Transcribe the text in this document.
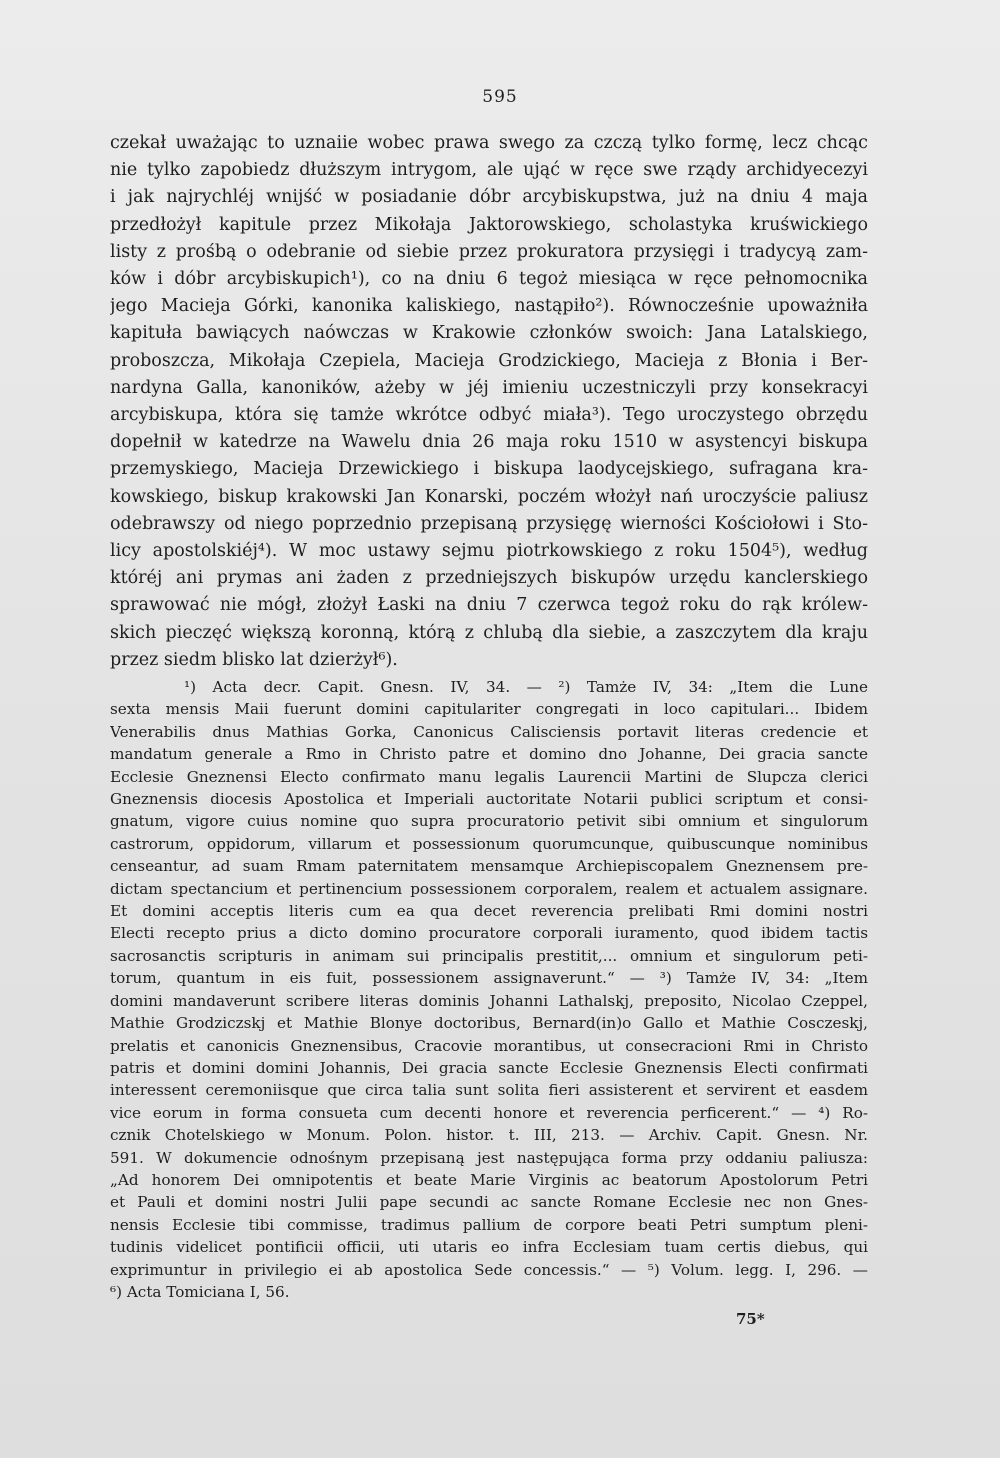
595
czekał uważając to uznaiie wobec prawa swego za czczą tylko formę, lecz chcąc
nie tylko zapobiedz dłuższym intrygom, ale ująć w ręce swe rządy archidyecezyi
i jak najrychléj wnijść w posiadanie dóbr arcybiskupstwa, już na dniu 4 maja
przedłożył kapitule przez Mikołaja Jaktorowskiego, scholastyka kruświckiego
listy z prośbą o odebranie od siebie przez prokuratora przysięgi i tradycyą zam-
ków i dóbr arcybiskupich¹), co na dniu 6 tegoż miesiąca w ręce pełnomocnika
jego Macieja Górki, kanonika kaliskiego, nastąpiło²). Równocześnie upoważniła
kapituła bawiących naówczas w Krakowie członków swoich: Jana Latalskiego,
proboszcza, Mikołaja Czepiela, Macieja Grodzickiego, Macieja z Błonia i Ber-
nardyna Galla, kanoników, ażeby w jéj imieniu uczestniczyli przy konsekracyi
arcybiskupa, która się tamże wkrótce odbyć miała³). Tego uroczystego obrzędu
dopełnił w katedrze na Wawelu dnia 26 maja roku 1510 w asystencyi biskupa
przemyskiego, Macieja Drzewickiego i biskupa laodycejskiego, sufragana kra-
kowskiego, biskup krakowski Jan Konarski, poczém włożył nań uroczyście paliusz
odebrawszy od niego poprzednio przepisaną przysięgę wierności Kościołowi i Sto-
licy apostolskiéj⁴). W moc ustawy sejmu piotrkowskiego z roku 1504⁵), według
któréj ani prymas ani żaden z przedniejszych biskupów urzędu kanclerskiego
sprawować nie mógł, złożył Łaski na dniu 7 czerwca tegoż roku do rąk królew-
skich pieczęć większą koronną, którą z chlubą dla siebie, a zaszczytem dla kraju
przez siedm blisko lat dzierżył⁶).
¹) Acta decr. Capit. Gnesn. IV, 34. — ²) Tamże IV, 34: „Item die Lune
sexta mensis Maii fuerunt domini capitulariter congregati in loco capitulari... Ibidem
Venerabilis dnus Mathias Gorka, Canonicus Calisciensis portavit literas credencie et
mandatum generale a Rmo in Christo patre et domino dno Johanne, Dei gracia sancte
Ecclesie Gneznensi Electo confirmato manu legalis Laurencii Martini de Slupcza clerici
Gneznensis diocesis Apostolica et Imperiali auctoritate Notarii publici scriptum et consi-
gnatum, vigore cuius nomine quo supra procuratorio petivit sibi omnium et singulorum
castrorum, oppidorum, villarum et possessionum quorumcunque, quibuscunque nominibus
censeantur, ad suam Rmam paternitatem mensamque Archiepiscopalem Gneznensem pre-
dictam spectancium et pertinencium possessionem corporalem, realem et actualem assignare.
Et domini acceptis literis cum ea qua decet reverencia prelibati Rmi domini nostri
Electi recepto prius a dicto domino procuratore corporali iuramento, quod ibidem tactis
sacrosanctis scripturis in animam sui principalis prestitit,... omnium et singulorum peti-
torum, quantum in eis fuit, possessionem assignaverunt.“ — ³) Tamże IV, 34: „Item
domini mandaverunt scribere literas dominis Johanni Lathalskj, preposito, Nicolao Czeppel,
Mathie Grodziczskj et Mathie Blonye doctoribus, Bernard(in)o Gallo et Mathie Cosczeskj,
prelatis et canonicis Gneznensibus, Cracovie morantibus, ut consecracioni Rmi in Christo
patris et domini domini Johannis, Dei gracia sancte Ecclesie Gneznensis Electi confirmati
interessent ceremoniisque que circa talia sunt solita fieri assisterent et servirent et easdem
vice eorum in forma consueta cum decenti honore et reverencia perficerent.“ — ⁴) Ro-
cznik Chotelskiego w Monum. Polon. histor. t. III, 213. — Archiv. Capit. Gnesn. Nr.
591. W dokumencie odnośnym przepisaną jest następująca forma przy oddaniu paliusza:
„Ad honorem Dei omnipotentis et beate Marie Virginis ac beatorum Apostolorum Petri
et Pauli et domini nostri Julii pape secundi ac sancte Romane Ecclesie nec non Gnes-
nensis Ecclesie tibi commisse, tradimus pallium de corpore beati Petri sumptum pleni-
tudinis videlicet pontificii officii, uti utaris eo infra Ecclesiam tuam certis diebus, qui
exprimuntur in privilegio ei ab apostolica Sede concessis.“ — ⁵) Volum. legg. I, 296. —
⁶) Acta Tomiciana I, 56.
75*
